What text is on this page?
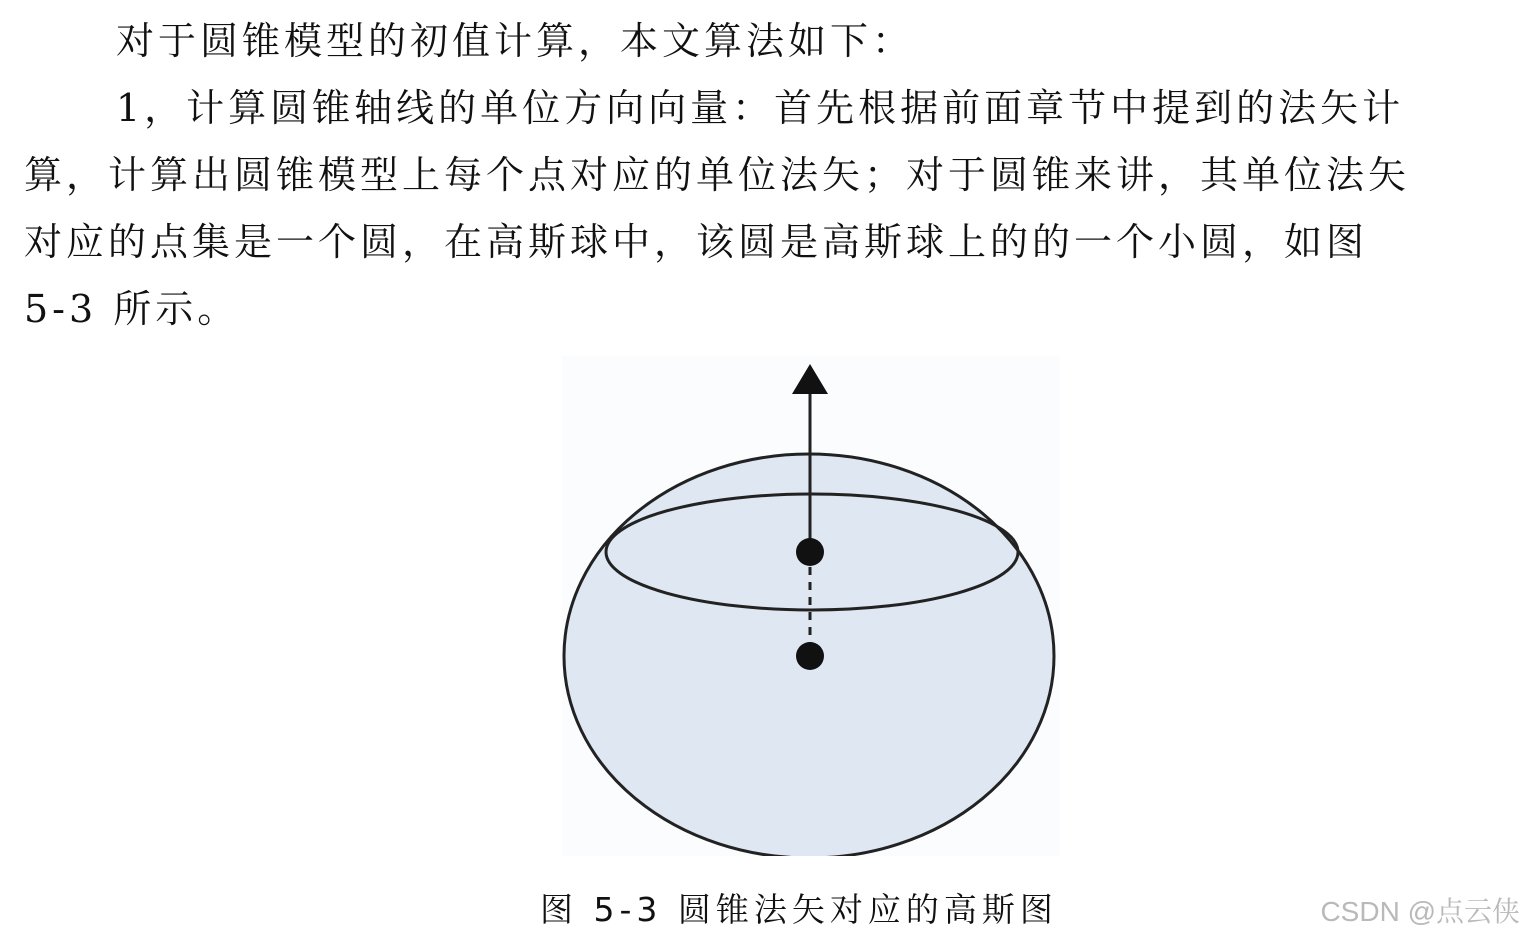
对于圆锥模型的初值计算，本文算法如下：
1，计算圆锥轴线的单位方向向量：首先根据前面章节中提到的法矢计
算，计算出圆锥模型上每个点对应的单位法矢；对于圆锥来讲，其单位法矢
对应的点集是一个圆，在高斯球中，该圆是高斯球上的的一个小圆，如图
5-3 所示。
图 5-3 圆锥法矢对应的高斯图	CSDN @点云侠
